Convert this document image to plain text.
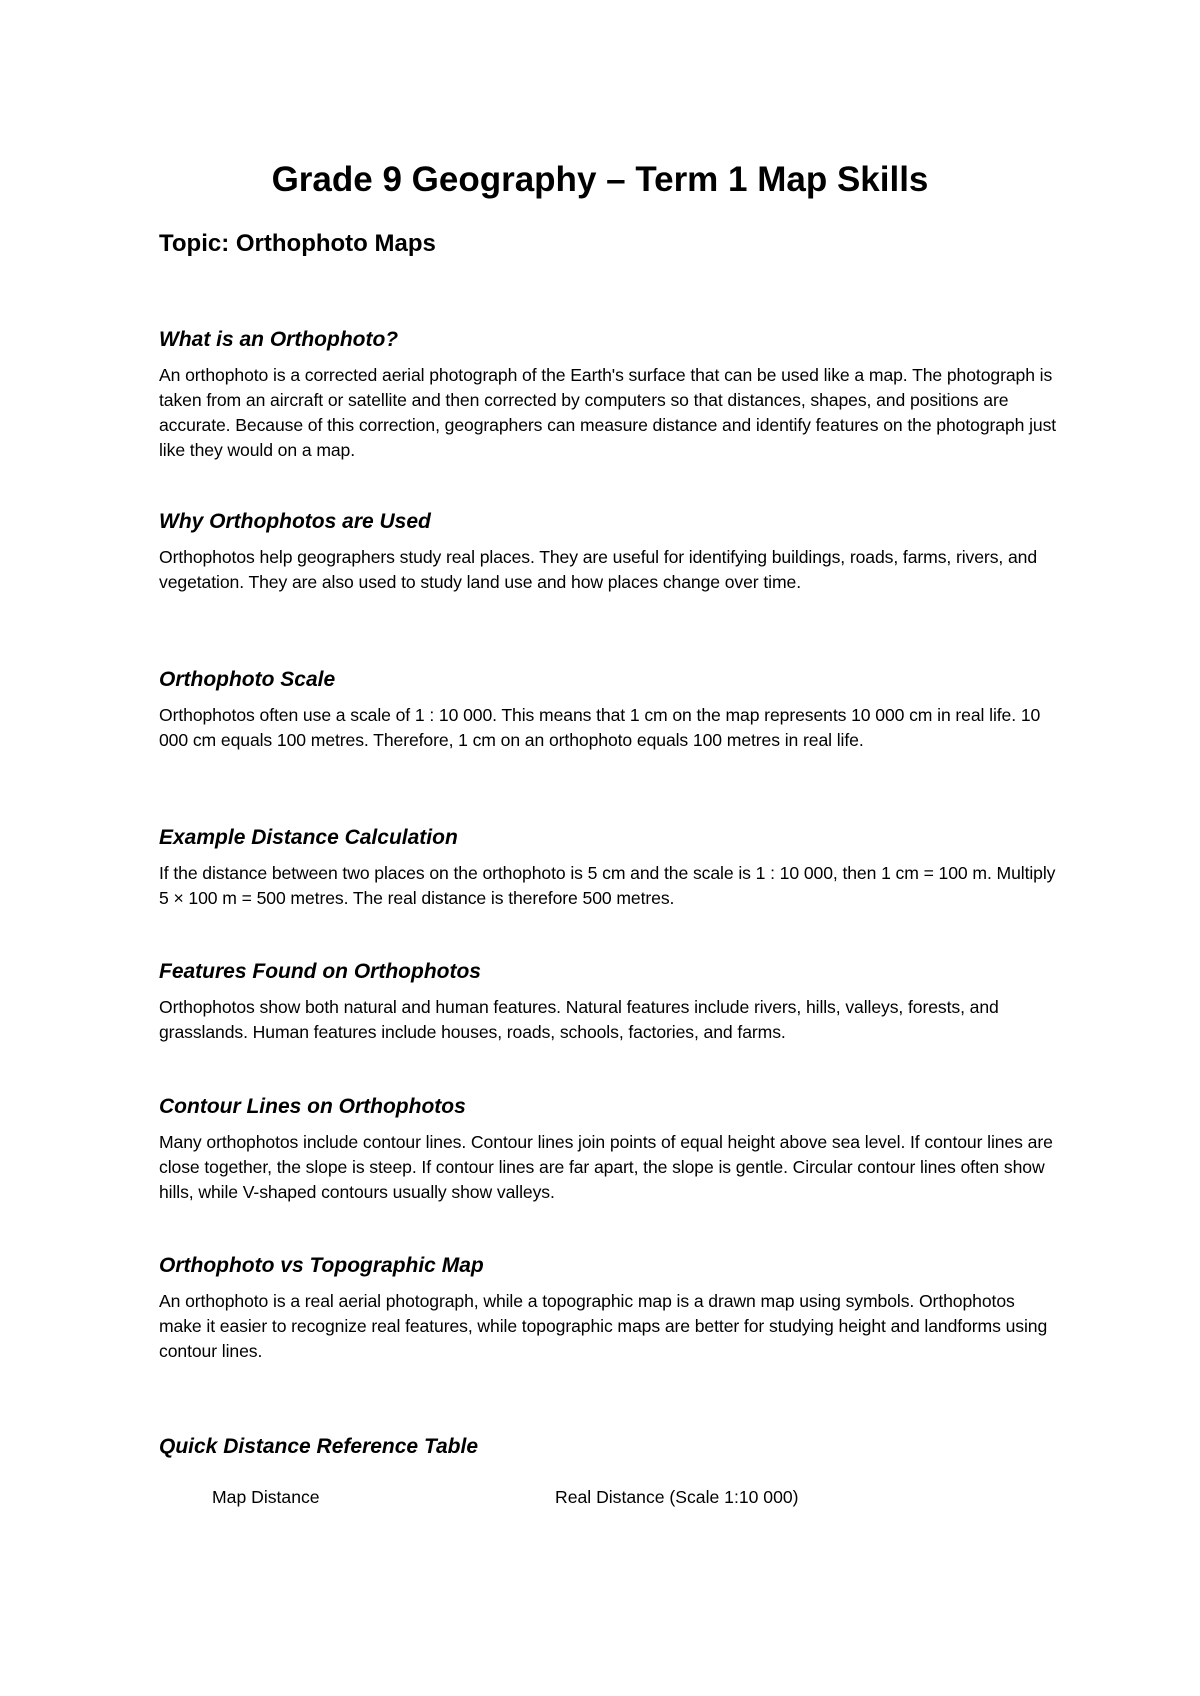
Grade 9 Geography – Term 1 Map Skills
Topic: Orthophoto Maps
What is an Orthophoto?

An orthophoto is a corrected aerial photograph of the Earth's surface that can be used like a map. The photograph is taken from an aircraft or satellite and then corrected by computers so that distances, shapes, and positions are accurate. Because of this correction, geographers can measure distance and identify features on the photograph just like they would on a map.

Why Orthophotos are Used

Orthophotos help geographers study real places. They are useful for identifying buildings, roads, farms, rivers, and vegetation. They are also used to study land use and how places change over time.

Orthophoto Scale

Orthophotos often use a scale of 1 : 10 000. This means that 1 cm on the map represents 10 000 cm in real life. 10 000 cm equals 100 metres. Therefore, 1 cm on an orthophoto equals 100 metres in real life.

Example Distance Calculation

If the distance between two places on the orthophoto is 5 cm and the scale is 1 : 10 000, then 1 cm = 100 m. Multiply 5 × 100 m = 500 metres. The real distance is therefore 500 metres.

Features Found on Orthophotos

Orthophotos show both natural and human features. Natural features include rivers, hills, valleys, forests, and grasslands. Human features include houses, roads, schools, factories, and farms.

Contour Lines on Orthophotos

Many orthophotos include contour lines. Contour lines join points of equal height above sea level. If contour lines are close together, the slope is steep. If contour lines are far apart, the slope is gentle. Circular contour lines often show hills, while V-shaped contours usually show valleys.

Orthophoto vs Topographic Map

An orthophoto is a real aerial photograph, while a topographic map is a drawn map using symbols. Orthophotos make it easier to recognize real features, while topographic maps are better for studying height and landforms using contour lines.

Quick Distance Reference Table
Map Distance	Real Distance (Scale 1:10 000)
